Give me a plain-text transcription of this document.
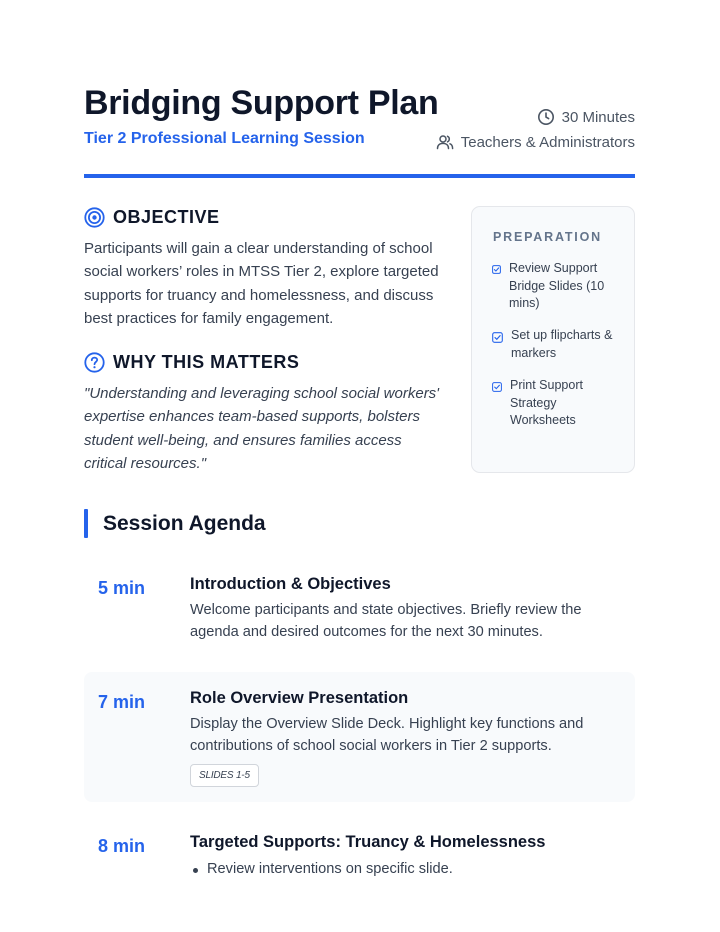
Bridging Support Plan
Tier 2 Professional Learning Session
30 Minutes
Teachers & Administrators
OBJECTIVE

Participants will gain a clear understanding of school social workers’ roles in MTSS Tier 2, explore targeted supports for truancy and homelessness, and discuss best practices for family engagement.

WHY THIS MATTERS

"Understanding and leveraging school social workers' expertise enhances team-based supports, bolsters student well-being, and ensures families access critical resources."

PREPARATION
Review Support Bridge Slides (10 mins)
Set up flipcharts & markers
Print Support Strategy Worksheets
Session Agenda
5 min	Introduction & Objectives
Welcome participants and state objectives. Briefly review the agenda and desired outcomes for the next 30 minutes.
7 min	Role Overview Presentation
Display the Overview Slide Deck. Highlight key functions and contributions of school social workers in Tier 2 supports.
SLIDES 1-5
8 min	Targeted Supports: Truancy & Homelessness
Review interventions on specific slide.
